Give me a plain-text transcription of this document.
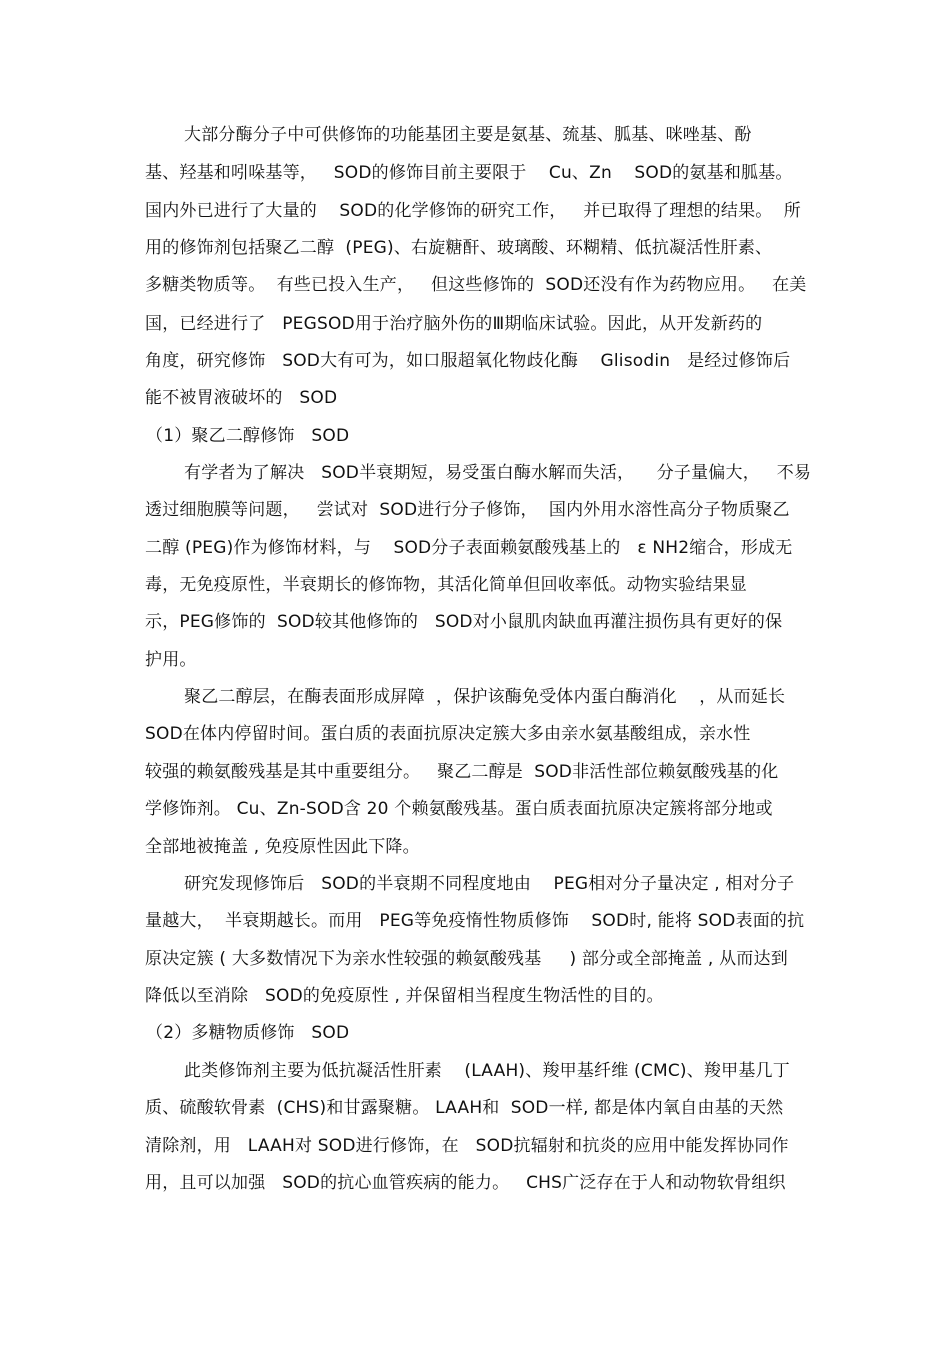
大部分酶分子中可供修饰的功能基团主要是氨基、巯基、胍基、咪唑基、酚
基、羟基和吲哚基等，   SOD的修饰目前主要限于    Cu、Zn    SOD的氨基和胍基。
国内外已进行了大量的    SOD的化学修饰的研究工作，   并已取得了理想的结果。  所
用的修饰剂包括聚乙二醇  (PEG)、右旋糖酐、玻璃酸、环糊精、低抗凝活性肝素、
多糖类物质等。  有些已投入生产，   但这些修饰的  SOD还没有作为药物应用。   在美
国，已经进行了   PEGSOD用于治疗脑外伤的Ⅲ期临床试验。因此，从开发新药的
角度，研究修饰   SOD大有可为，如口服超氧化物歧化酶    Glisodin   是经过修饰后
能不被胃液破坏的   SOD
（1）聚乙二醇修饰   SOD
有学者为了解决   SOD半衰期短，易受蛋白酶水解而失活，    分子量偏大，   不易
透过细胞膜等问题，   尝试对  SOD进行分子修饰，  国内外用水溶性高分子物质聚乙
二醇 (PEG)作为修饰材料，与    SOD分子表面赖氨酸残基上的   ε NH2缩合，形成无
毒，无免疫原性，半衰期长的修饰物，其活化简单但回收率低。动物实验结果显
示，PEG修饰的  SOD较其他修饰的   SOD对小鼠肌肉缺血再灌注损伤具有更好的保
护用。
聚乙二醇层，在酶表面形成屏障  ，保护该酶免受体内蛋白酶消化    ，从而延长
SOD在体内停留时间。蛋白质的表面抗原决定簇大多由亲水氨基酸组成，亲水性
较强的赖氨酸残基是其中重要组分。   聚乙二醇是  SOD非活性部位赖氨酸残基的化
学修饰剂。 Cu、Zn-SOD含 20 个赖氨酸残基。蛋白质表面抗原决定簇将部分地或
全部地被掩盖 , 免疫原性因此下降。
研究发现修饰后   SOD的半衰期不同程度地由    PEG相对分子量决定 , 相对分子
量越大，  半衰期越长。而用   PEG等免疫惰性物质修饰    SOD时, 能将 SOD表面的抗
原决定簇 ( 大多数情况下为亲水性较强的赖氨酸残基     ) 部分或全部掩盖 , 从而达到
降低以至消除   SOD的免疫原性 , 并保留相当程度生物活性的目的。
（2）多糖物质修饰   SOD
此类修饰剂主要为低抗凝活性肝素    (LAAH)、羧甲基纤维 (CMC)、羧甲基几丁
质、硫酸软骨素  (CHS)和甘露聚糖。 LAAH和  SOD一样, 都是体内氧自由基的天然
清除剂，用   LAAH对 SOD进行修饰，在   SOD抗辐射和抗炎的应用中能发挥协同作
用，且可以加强   SOD的抗心血管疾病的能力。   CHS广泛存在于人和动物软骨组织
